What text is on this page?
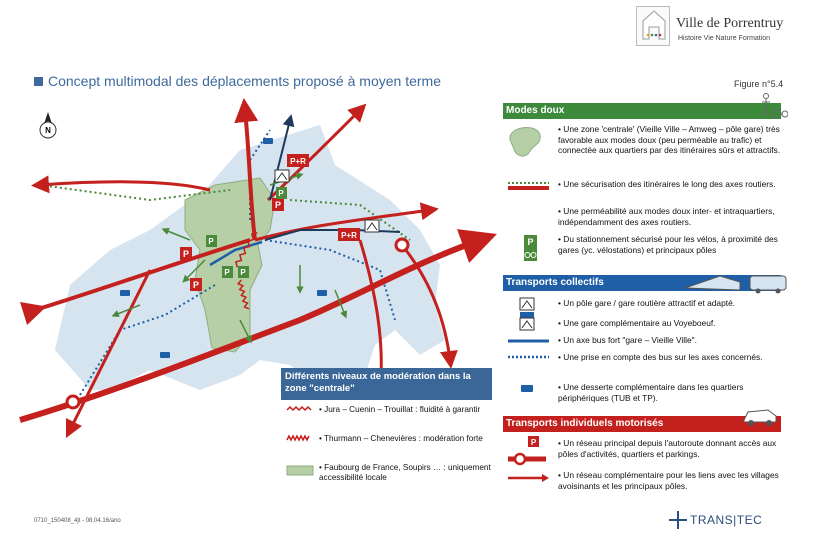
Ville de Porrentruy
Histoire Vie Nature Formation
Concept multimodal des déplacements proposé à moyen terme	Figure n°5.4
N
P
P
P
P+R
P+R
P
P
P P
Différents niveaux de modération dans la zone "centrale"
• Jura – Cuenin – Trouillat : fluidité à garantir
• Thurmann – Chenevières : modération forte
• Faubourg de France, Soupirs … : uniquement accessibilité locale
Modes doux
• Une zone 'centrale' (Vieille Ville – Amweg – pôle gare) très favorable aux modes doux (peu perméable au trafic) et connectée aux quartiers par des itinéraires sûrs et attractifs.
• Une sécurisation des itinéraires le long des axes routiers.
• Une perméabilité aux modes doux inter- et intraquartiers, indépendamment des axes routiers.
P	• Du stationnement sécurisé pour les vélos, à proximité des gares (yc. vélostations) et principaux pôles
Transports collectifs
• Un pôle gare / gare routière attractif et adapté.
• Une gare complémentaire au Voyeboeuf.
• Un axe bus fort "gare – Vieille Ville".
• Une prise en compte des bus sur les axes concernés.
• Une desserte complémentaire dans les quartiers périphériques (TUB et TP).
Transports individuels motorisés
P	• Un réseau principal depuis l'autoroute donnant accès aux pôles d'activités, quartiers et parkings.
• Un réseau complémentaire pour les liens avec les villages avoisinants et les principaux pôles.
0710_150408_4jt - 08.04.16/ano	TRANS|TEC
